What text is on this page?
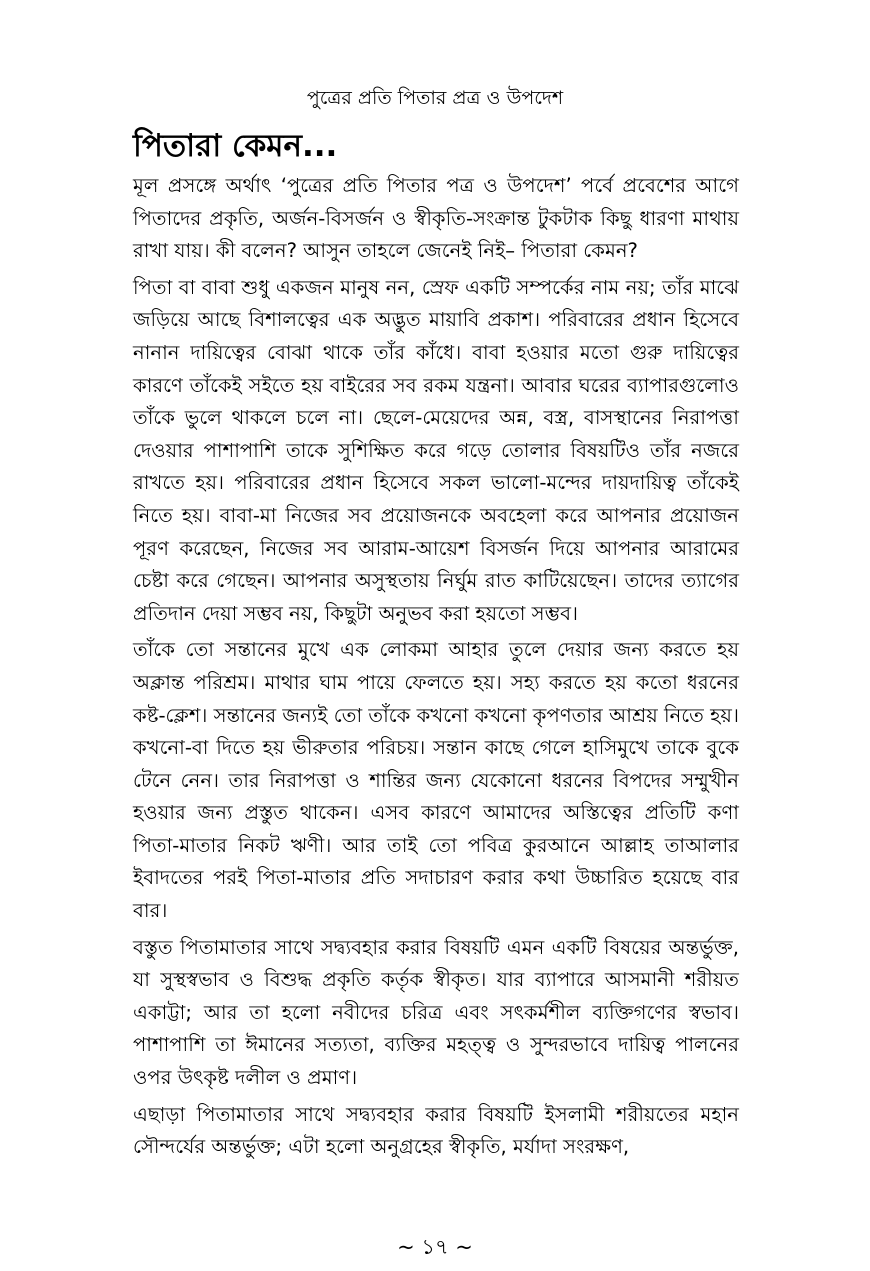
পুত্রের প্রতি পিতার প্রত্র ও উপদেশ
পিতারা কেমন...

মূল প্রসঙ্গে অর্থাৎ ‘পুত্রের প্রতি পিতার পত্র ও উপদেশ’ পর্বে প্রবেশের আগে পিতাদের প্রকৃতি, অর্জন-বিসর্জন ও স্বীকৃতি-সংক্রান্ত টুকটাক কিছু ধারণা মাথায় রাখা যায়। কী বলেন? আসুন তাহলে জেনেই নিই– পিতারা কেমন?

পিতা বা বাবা শুধু একজন মানুষ নন, স্রেফ একটি সম্পর্কের নাম নয়; তাঁর মাঝে জড়িয়ে আছে বিশালত্বের এক অদ্ভুত মায়াবি প্রকাশ। পরিবারের প্রধান হিসেবে নানান দায়িত্বের বোঝা থাকে তাঁর কাঁধে। বাবা হওয়ার মতো গুরু দায়িত্বের কারণে তাঁকেই সইতে হয় বাইরের সব রকম যন্ত্রনা। আবার ঘরের ব্যাপারগুলোও তাঁকে ভুলে থাকলে চলে না। ছেলে-মেয়েদের অন্ন, বস্ত্র, বাসস্থানের নিরাপত্তা দেওয়ার পাশাপাশি তাকে সুশিক্ষিত করে গড়ে তোলার বিষয়টিও তাঁর নজরে রাখতে হয়। পরিবারের প্রধান হিসেবে সকল ভালো-মন্দের দায়দায়িত্ব তাঁকেই নিতে হয়। বাবা-মা নিজের সব প্রয়োজনকে অবহেলা করে আপনার প্রয়োজন পূরণ করেছেন, নিজের সব আরাম-আয়েশ বিসর্জন দিয়ে আপনার আরামের চেষ্টা করে গেছেন। আপনার অসুস্থতায় নির্ঘুম রাত কাটিয়েছেন। তাদের ত্যাগের প্রতিদান দেয়া সম্ভব নয়, কিছুটা অনুভব করা হয়তো সম্ভব।

তাঁকে তো সন্তানের মুখে এক লোকমা আহার তুলে দেয়ার জন্য করতে হয় অক্লান্ত পরিশ্রম। মাথার ঘাম পায়ে ফেলতে হয়। সহ্য করতে হয় কতো ধরনের কষ্ট-ক্লেশ। সন্তানের জন্যই তো তাঁকে কখনো কখনো কৃপণতার আশ্রয় নিতে হয়। কখনো-বা দিতে হয় ভীরুতার পরিচয়। সন্তান কাছে গেলে হাসিমুখে তাকে বুকে টেনে নেন। তার নিরাপত্তা ও শান্তির জন্য যেকোনো ধরনের বিপদের সম্মুখীন হওয়ার জন্য প্রস্তুত থাকেন। এসব কারণে আমাদের অস্তিত্বের প্রতিটি কণা পিতা-মাতার নিকট ঋণী। আর তাই তো পবিত্র কুরআনে আল্লাহ তাআলার ইবাদতের পরই পিতা-মাতার প্রতি সদাচারণ করার কথা উচ্চারিত হয়েছে বার বার।

বস্তুত পিতামাতার সাথে সদ্ব্যবহার করার বিষয়টি এমন একটি বিষয়ের অন্তর্ভুক্ত, যা সুস্থস্বভাব ও বিশুদ্ধ প্রকৃতি কর্তৃক স্বীকৃত। যার ব্যাপারে আসমানী শরীয়ত একাট্টা; আর তা হলো নবীদের চরিত্র এবং সৎকর্মশীল ব্যক্তিগণের স্বভাব। পাশাপাশি তা ঈমানের সত্যতা, ব্যক্তির মহত্ত্ব ও সুন্দরভাবে দায়িত্ব পালনের ওপর উৎকৃষ্ট দলীল ও প্রমাণ।

এছাড়া পিতামাতার সাথে সদ্ব্যবহার করার বিষয়টি ইসলামী শরীয়তের মহান সৌন্দর্যের অন্তর্ভুক্ত; এটা হলো অনুগ্রহের স্বীকৃতি, মর্যাদা সংরক্ষণ,

~ ১৭ ~
